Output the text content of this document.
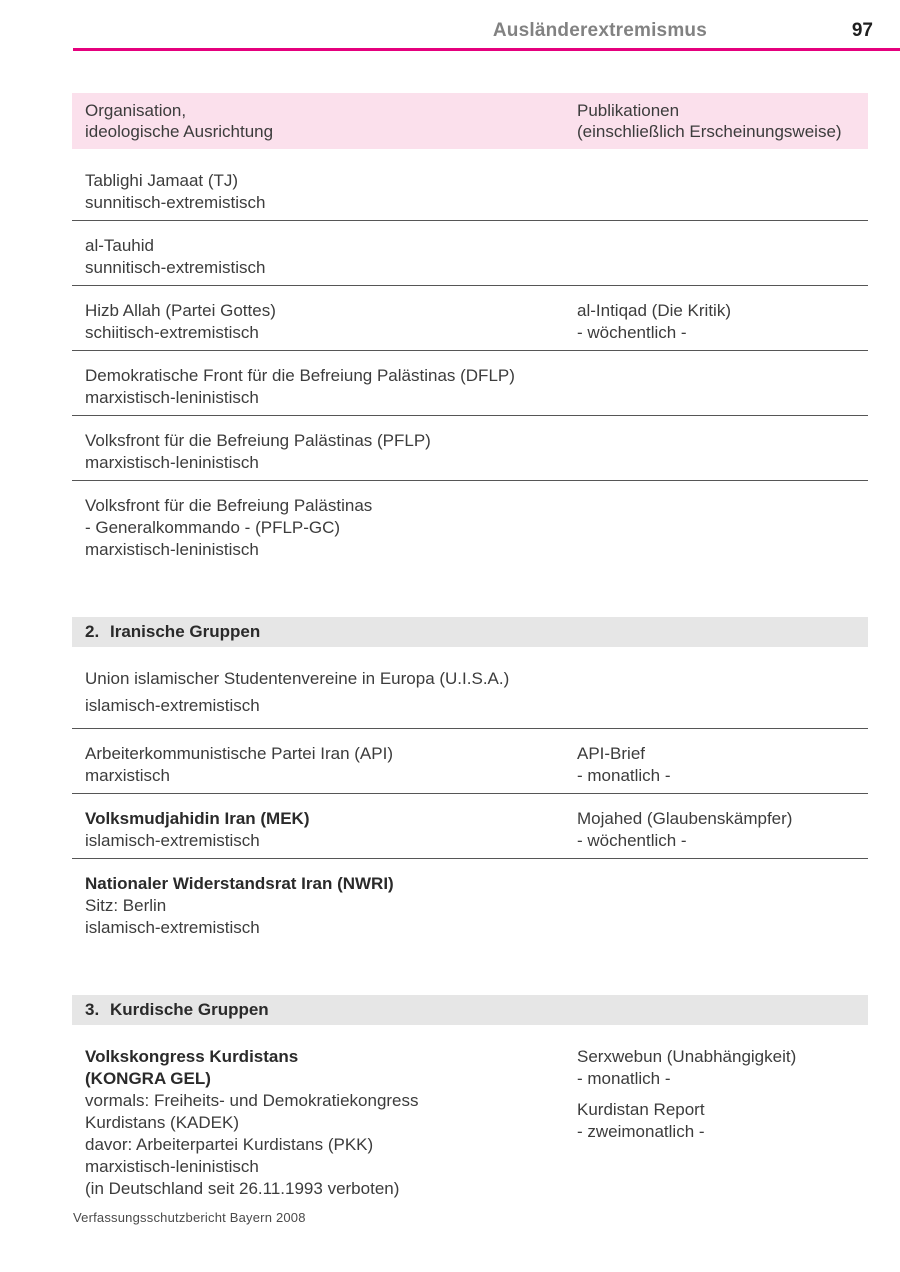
Ausländerextremismus	97
Organisation,
ideologische Ausrichtung
Publikationen
(einschließlich Erscheinungsweise)
Tablighi Jamaat (TJ)
sunnitisch-extremistisch
al-Tauhid
sunnitisch-extremistisch
Hizb Allah (Partei Gottes)
schiitisch-extremistisch
al-Intiqad (Die Kritik)
- wöchentlich -
Demokratische Front für die Befreiung Palästinas (DFLP)
marxistisch-leninistisch
Volksfront für die Befreiung Palästinas (PFLP)
marxistisch-leninistisch
Volksfront für die Befreiung Palästinas
- Generalkommando - (PFLP-GC)
marxistisch-leninistisch
2. Iranische Gruppen
Union islamischer Studentenvereine in Europa (U.I.S.A.)
islamisch-extremistisch
Arbeiterkommunistische Partei Iran (API)
marxistisch
API-Brief
- monatlich -
Volksmudjahidin Iran (MEK)
islamisch-extremistisch
Mojahed (Glaubenskämpfer)
- wöchentlich -
Nationaler Widerstandsrat Iran (NWRI)
Sitz: Berlin
islamisch-extremistisch
3. Kurdische Gruppen
Volkskongress Kurdistans
(KONGRA GEL)
vormals: Freiheits- und Demokratiekongress
Kurdistans (KADEK)
davor: Arbeiterpartei Kurdistans (PKK)
marxistisch-leninistisch
(in Deutschland seit 26.11.1993 verboten)
Serxwebun (Unabhängigkeit)
- monatlich -
Kurdistan Report
- zweimonatlich -
Verfassungsschutzbericht Bayern 2008
